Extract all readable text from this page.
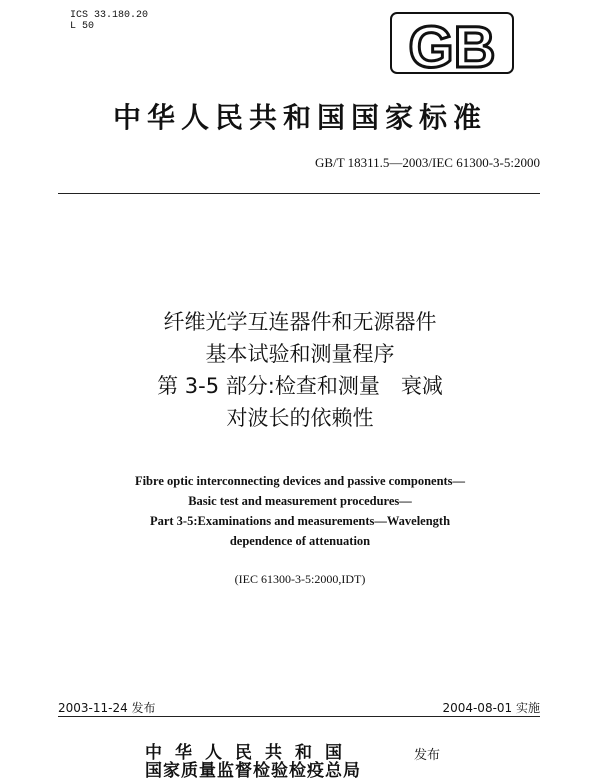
ICS 33.180.20
L 50	GB
中华人民共和国国家标准
GB/T 18311.5—2003/IEC 61300-3-5:2000
纤维光学互连器件和无源器件
基本试验和测量程序
第 3-5 部分:检查和测量　衰减
对波长的依赖性
Fibre optic interconnecting devices and passive components—
Basic test and measurement procedures—
Part 3-5:Examinations and measurements—Wavelength
dependence of attenuation
(IEC 61300-3-5:2000,IDT)
2003-11-24 发布	2004-08-01 实施
中华人民共和国
国家质量监督检验检疫总局
发布
